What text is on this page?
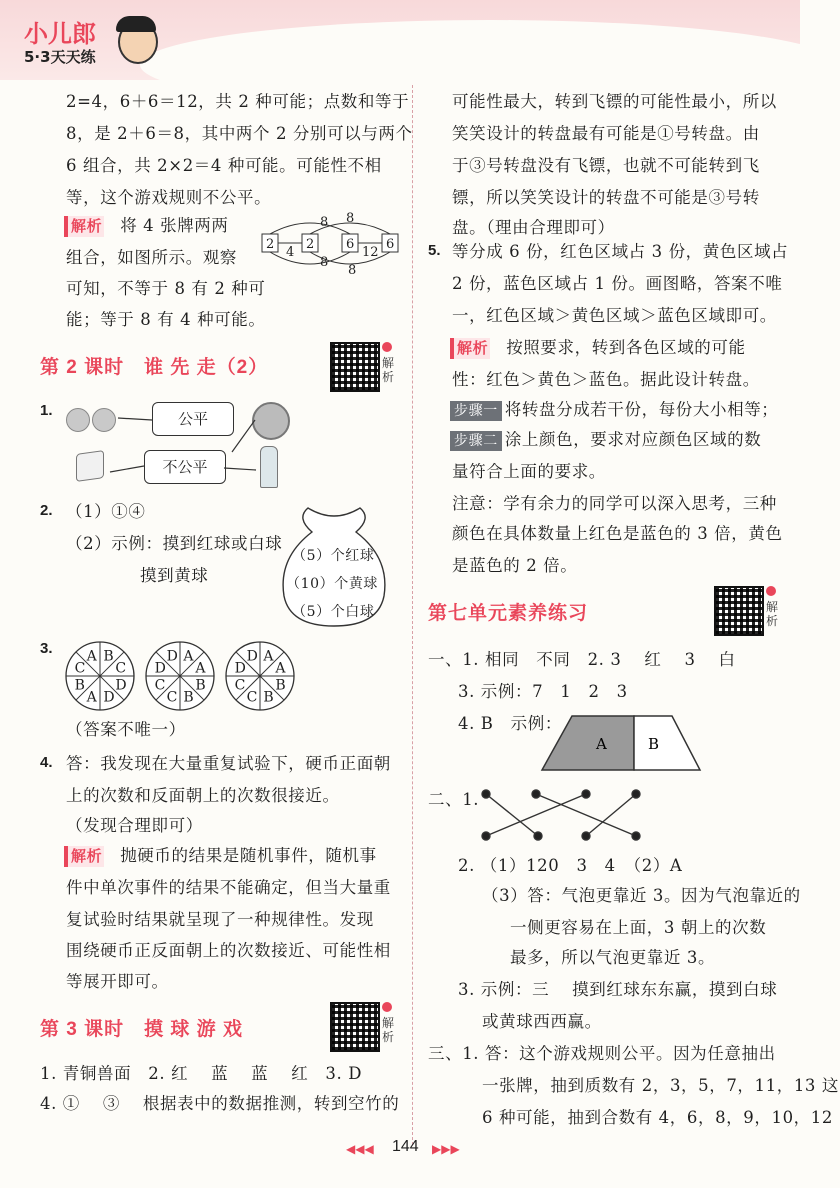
小儿郎
5·3天天练
2=4，6＋6＝12，共 2 种可能；点数和等于
8，是 2＋6＝8，其中两个 2 分别可以与两个
6 组合，共 2×2＝4 种可能。可能性不相
等，这个游戏规则不公平。
解析 将 4 张牌两两
组合，如图所示。观察
可知，不等于 8 有 2 种可
能；等于 8 有 4 种可能。
2 2 6 6
4
8
8
8
8
12
第 2 课时　谁 先 走（2）	解析
1.	公平
不公平
2. （1）①④
（2）示例：摸到红球或白球
摸到黄球
（5）个红球
（10）个黄球
（5）个白球
3.	B
C
D
D
A
B
C
A	A
A
B
B
C
C
D
D	A
A
B
B
C
C
D
D
（答案不唯一）
4. 答：我发现在大量重复试验下，硬币正面朝
上的次数和反面朝上的次数很接近。
（发现合理即可）
解析 抛硬币的结果是随机事件，随机事
件中单次事件的结果不能确定，但当大量重
复试验时结果就呈现了一种规律性。发现
围绕硬币正反面朝上的次数接近、可能性相
等展开即可。
第 3 课时　摸 球 游 戏	解析
1. 青铜兽面　2. 红　 蓝　 蓝　 红　3. D
4. ①　 ③　 根据表中的数据推测，转到空竹的
可能性最大，转到飞镖的可能性最小，所以
笑笑设计的转盘最有可能是①号转盘。由
于③号转盘没有飞镖，也就不可能转到飞
镖，所以笑笑设计的转盘不可能是③号转
盘。（理由合理即可）
5. 等分成 6 份，红色区域占 3 份，黄色区域占
2 份，蓝色区域占 1 份。画图略，答案不唯
一，红色区域＞黄色区域＞蓝色区域即可。
解析 按照要求，转到各色区域的可能
性：红色＞黄色＞蓝色。据此设计转盘。
步骤一 将转盘分成若干份，每份大小相等；
步骤二 涂上颜色，要求对应颜色区域的数
量符合上面的要求。
注意：学有余力的同学可以深入思考，三种
颜色在具体数量上红色是蓝色的 3 倍，黄色
是蓝色的 2 倍。
第七单元素养练习	解析
一、1. 相同　不同　2. 3　 红　 3　 白
3. 示例：7　1　2　3
4. B　示例：
A	B
二、1.
2. （1）120　3　4　（2）A
（3）答：气泡更靠近 3。因为气泡靠近的
一侧更容易在上面，3 朝上的次数
最多，所以气泡更靠近 3。
3. 示例：三　 摸到红球东东赢，摸到白球
或黄球西西赢。
三、1. 答：这个游戏规则公平。因为任意抽出
一张牌，抽到质数有 2，3，5，7，11，13 这
6 种可能，抽到合数有 4，6，8，9，10，12
◀◀◀ 144 ▶▶▶
